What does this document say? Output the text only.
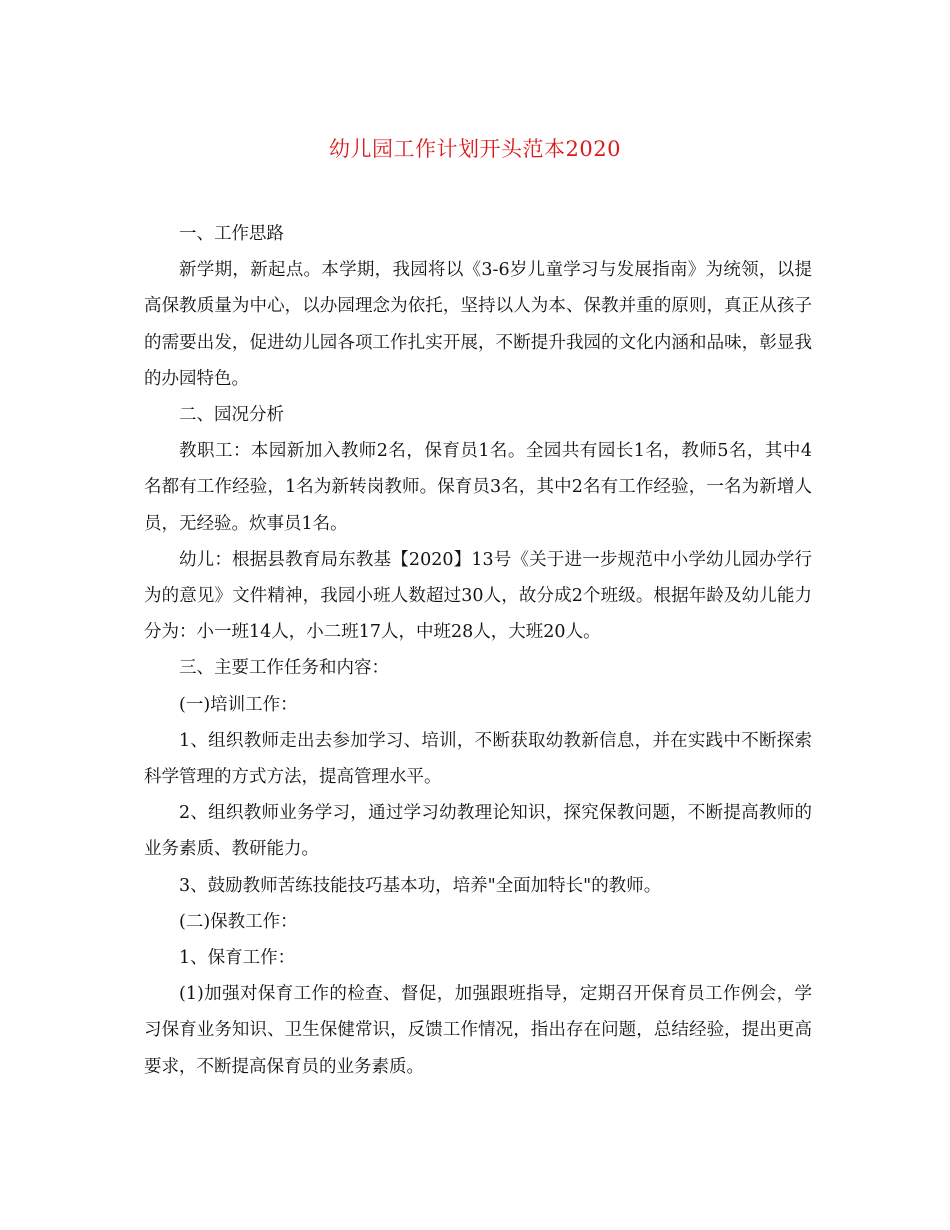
幼儿园工作计划开头范本2020

一、工作思路

新学期，新起点。本学期，我园将以《3-6岁儿童学习与发展指南》为统领，以提高保教质量为中心，以办园理念为依托，坚持以人为本、保教并重的原则，真正从孩子的需要出发，促进幼儿园各项工作扎实开展，不断提升我园的文化内涵和品味，彰显我的办园特色。

二、园况分析

教职工：本园新加入教师2名，保育员1名。全园共有园长1名，教师5名，其中4名都有工作经验，1名为新转岗教师。保育员3名，其中2名有工作经验，一名为新增人员，无经验。炊事员1名。

幼儿：根据县教育局东教基【2020】13号《关于进一步规范中小学幼儿园办学行为的意见》文件精神，我园小班人数超过30人，故分成2个班级。根据年龄及幼儿能力分为：小一班14人，小二班17人，中班28人，大班20人。

三、主要工作任务和内容：

(一)培训工作：

1、组织教师走出去参加学习、培训，不断获取幼教新信息，并在实践中不断探索科学管理的方式方法，提高管理水平。

2、组织教师业务学习，通过学习幼教理论知识，探究保教问题，不断提高教师的业务素质、教研能力。

3、鼓励教师苦练技能技巧基本功，培养"全面加特长"的教师。

(二)保教工作：

1、保育工作：

(1)加强对保育工作的检查、督促，加强跟班指导，定期召开保育员工作例会，学习保育业务知识、卫生保健常识，反馈工作情况，指出存在问题，总结经验，提出更高要求，不断提高保育员的业务素质。
